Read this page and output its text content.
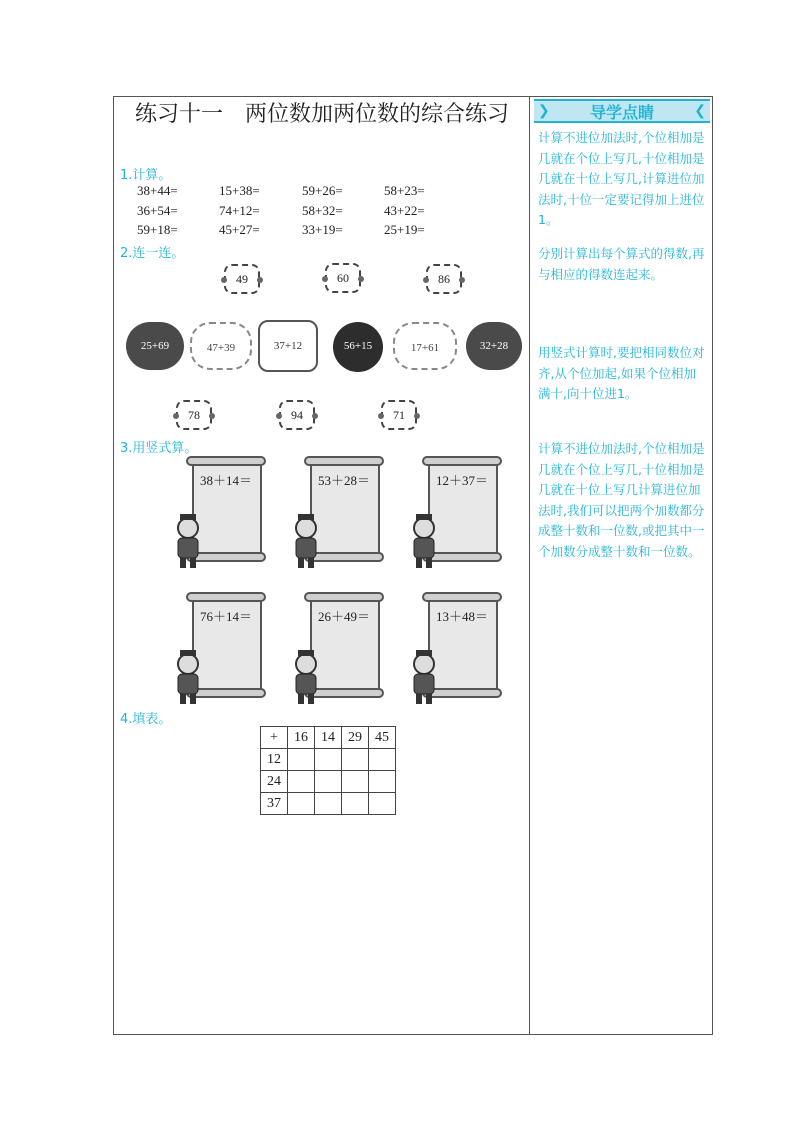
练习十一　两位数加两位数的综合练习
1.计算。
38+44=	15+38=	59+26=	58+23=
36+54=	74+12=	58+32=	43+22=
59+18=	45+27=	33+19=	25+19=
2.连一连。
49	60	86
25+69	47+39	37+12	56+15	17+61	32+28
78	94	71
3.用竖式算。
38＋14＝	53＋28＝	12＋37＝
76＋14＝	26＋49＝	13＋48＝
4.填表。
+	16	14	29	45
12				
24				
37				
❯	❮
导学点睛
计算不进位加法时,个位相加是几就在个位上写几,十位相加是几就在十位上写几,计算进位加法时,十位一定要记得加上进位1。
分别计算出每个算式的得数,再与相应的得数连起来。
用竖式计算时,要把相同数位对齐,从个位加起,如果个位相加满十,向十位进1。
计算不进位加法时,个位相加是几就在个位上写几,十位相加是几就在十位上写几计算进位加法时,我们可以把两个加数都分成整十数和一位数,或把其中一个加数分成整十数和一位数。
